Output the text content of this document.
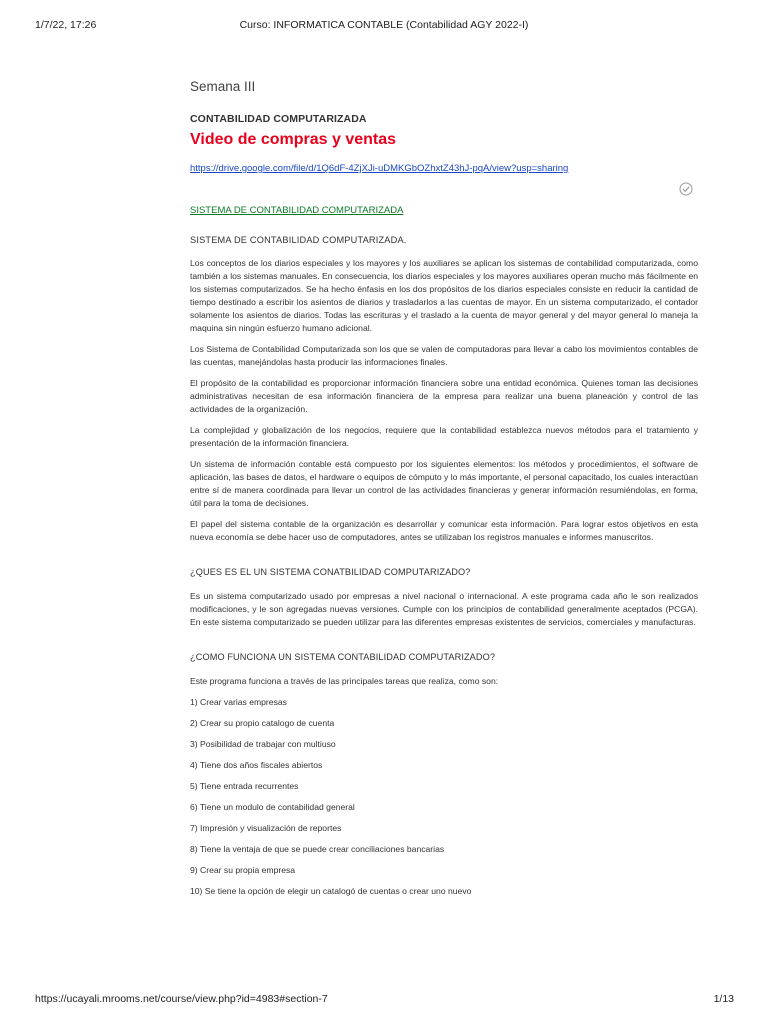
1/7/22, 17:26	Curso: INFORMATICA CONTABLE (Contabilidad AGY 2022-I)
Semana III
CONTABILIDAD COMPUTARIZADA
Video de compras y ventas
https://drive.google.com/file/d/1Q6dF-4ZjXJi-uDMKGbOZhxtZ43hJ-pqA/view?usp=sharing
SISTEMA DE CONTABILIDAD COMPUTARIZADA

SISTEMA DE CONTABILIDAD COMPUTARIZADA.

Los conceptos de los diarios especiales y los mayores y los auxiliares se aplican los sistemas de contabilidad computarizada, como también a los sistemas manuales. En consecuencia, los diarios especiales y los mayores auxiliares operan mucho más fácilmente en los sistemas computarizados. Se ha hecho énfasis en los dos propósitos de los diarios especiales consiste en reducir la cantidad de tiempo destinado a escribir los asientos de diarios y trasladarlos a las cuentas de mayor. En un sistema computarizado, el contador solamente los asientos de diarios. Todas las escrituras y el traslado a la cuenta de mayor general y del mayor general lo maneja la maquina sin ningún esfuerzo humano adicional.

Los Sistema de Contabilidad Computarizada son los que se valen de computadoras para llevar a cabo los movimientos contables de las cuentas, manejándolas hasta producir las informaciones finales.

El propósito de la contabilidad es proporcionar información financiera sobre una entidad económica. Quienes toman las decisiones administrativas necesitan de esa información financiera de la empresa para realizar una buena planeación y control de las actividades de la organización.

La complejidad y globalización de los negocios, requiere que la contabilidad establezca nuevos métodos para el tratamiento y presentación de la información financiera.

Un sistema de información contable está compuesto por los siguientes elementos: los métodos y procedimientos, el software de aplicación, las bases de datos, el hardware o equipos de cómputo y lo más importante, el personal capacitado, los cuales interactúan entre sí de manera coordinada para llevar un control de las actividades financieras y generar información resumiéndolas, en forma, útil para la toma de decisiones.

El papel del sistema contable de la organización es desarrollar y comunicar esta información. Para lograr estos objetivos en esta nueva economía se debe hacer uso de computadores, antes se utilizaban los registros manuales e informes manuscritos.

¿QUES ES EL UN SISTEMA CONATBILIDAD COMPUTARIZADO?

Es un sistema computarizado usado por empresas a nivel nacional o internacional. A este programa cada año le son realizados modificaciones, y le son agregadas nuevas versiones. Cumple con los principios de contabilidad generalmente aceptados (PCGA). En este sistema computarizado se pueden utilizar para las diferentes empresas existentes de servicios, comerciales y manufacturas.

¿COMO FUNCIONA UN SISTEMA CONTABILIDAD COMPUTARIZADO?

Este programa funciona a través de las principales tareas que realiza, como son:

1) Crear varias empresas

2) Crear su propio catalogo de cuenta

3) Posibilidad de trabajar con multiuso

4) Tiene dos años fiscales abiertos

5) Tiene entrada recurrentes

6) Tiene un modulo de contabilidad general

7) Impresión y visualización de reportes

8) Tiene la ventaja de que se puede crear conciliaciones bancarias

9) Crear su propia empresa

10) Se tiene la opción de elegir un catalogó de cuentas o crear uno nuevo

https://ucayali.mrooms.net/course/view.php?id=4983#section-7	1/13
